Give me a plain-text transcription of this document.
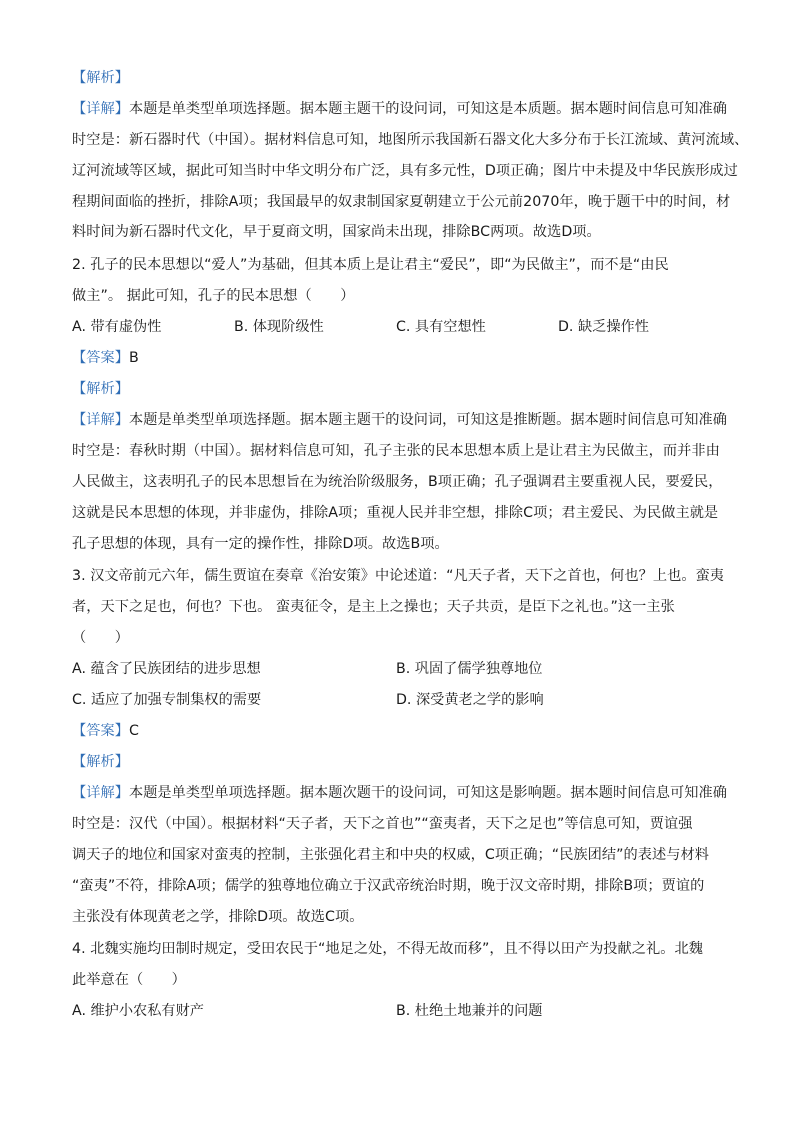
【解析】
【详解】本题是单类型单项选择题。据本题主题干的设问词，可知这是本质题。据本题时间信息可知准确
时空是：新石器时代（中国）。据材料信息可知，地图所示我国新石器文化大多分布于长江流域、黄河流域、
辽河流域等区域，据此可知当时中华文明分布广泛，具有多元性，D项正确；图片中未提及中华民族形成过
程期间面临的挫折，排除A项；我国最早的奴隶制国家夏朝建立于公元前2070年，晚于题干中的时间，材
料时间为新石器时代文化，早于夏商文明，国家尚未出现，排除BC两项。故选D项。
2. 孔子的民本思想以“爱人”为基础，但其本质上是让君主“爱民”，即“为民做主”，而不是“由民
做主”。 据此可知，孔子的民本思想（　　）
A. 带有虚伪性	B. 体现阶级性	C. 具有空想性	D. 缺乏操作性
【答案】B
【解析】
【详解】本题是单类型单项选择题。据本题主题干的设问词，可知这是推断题。据本题时间信息可知准确
时空是：春秋时期（中国）。据材料信息可知，孔子主张的民本思想本质上是让君主为民做主，而并非由
人民做主，这表明孔子的民本思想旨在为统治阶级服务，B项正确；孔子强调君主要重视人民，要爱民，
这就是民本思想的体现，并非虚伪，排除A项；重视人民并非空想，排除C项；君主爱民、为民做主就是
孔子思想的体现，具有一定的操作性，排除D项。故选B项。
3. 汉文帝前元六年，儒生贾谊在奏章《治安策》中论述道：“凡天子者，天下之首也，何也？上也。蛮夷
者，天下之足也，何也？下也。 蛮夷征令，是主上之操也；天子共贡，是臣下之礼也。”这一主张
（　　）
A. 蕴含了民族团结的进步思想	B. 巩固了儒学独尊地位
C. 适应了加强专制集权的需要	D. 深受黄老之学的影响
【答案】C
【解析】
【详解】本题是单类型单项选择题。据本题次题干的设问词，可知这是影响题。据本题时间信息可知准确
时空是：汉代（中国）。根据材料“天子者，天下之首也”“蛮夷者，天下之足也”等信息可知，贾谊强
调天子的地位和国家对蛮夷的控制，主张强化君主和中央的权威，C项正确；“民族团结”的表述与材料
“蛮夷”不符，排除A项；儒学的独尊地位确立于汉武帝统治时期，晚于汉文帝时期，排除B项；贾谊的
主张没有体现黄老之学，排除D项。故选C项。
4. 北魏实施均田制时规定，受田农民于“地足之处，不得无故而移”，且不得以田产为投献之礼。北魏
此举意在（　　）
A. 维护小农私有财产	B. 杜绝土地兼并的问题
